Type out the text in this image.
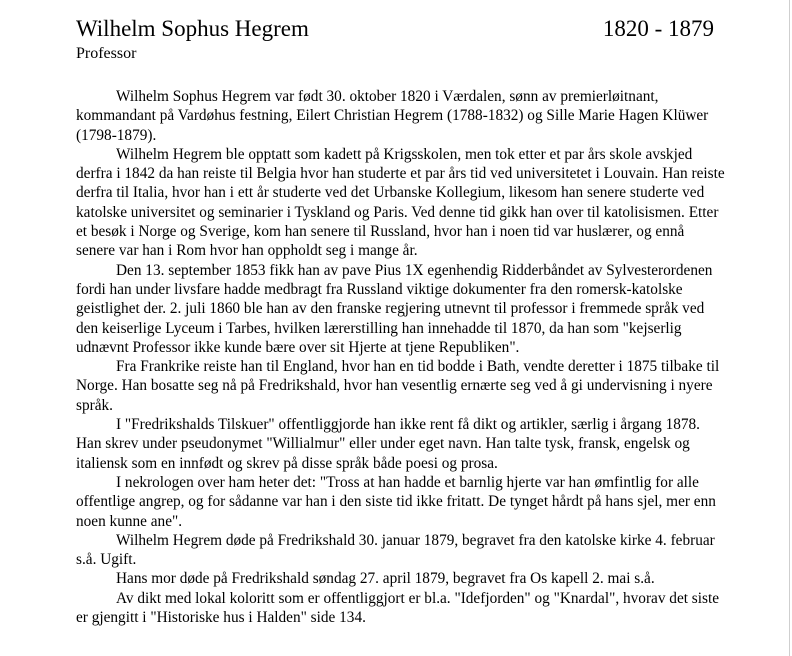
Wilhelm Sophus Hegrem	1820 - 1879
Professor

Wilhelm Sophus Hegrem var født 30. oktober 1820 i Værdalen, sønn av premierløitnant, kommandant på Vardøhus festning, Eilert Christian Hegrem (1788-1832) og Sille Marie Hagen Klüwer (1798-1879).

Wilhelm Hegrem ble opptatt som kadett på Krigsskolen, men tok etter et par års skole avskjed derfra i 1842 da han reiste til Belgia hvor han studerte et par års tid ved universitetet i Louvain. Han reiste derfra til Italia, hvor han i ett år studerte ved det Urbanske Kollegium, likesom han senere studerte ved katolske universitet og seminarier i Tyskland og Paris. Ved denne tid gikk han over til katolisismen. Etter et besøk i Norge og Sverige, kom han senere til Russland, hvor han i noen tid var huslærer, og ennå senere var han i Rom hvor han oppholdt seg i mange år.

Den 13. september 1853 fikk han av pave Pius 1X egenhendig Ridderbåndet av Sylvesterordenen fordi han under livsfare hadde medbragt fra Russland viktige dokumenter fra den romersk-katolske geistlighet der. 2. juli 1860 ble han av den franske regjering utnevnt til professor i fremmede språk ved den keiserlige Lyceum i Tarbes, hvilken lærerstilling han innehadde til 1870, da han som "kejserlig udnævnt Professor ikke kunde bære over sit Hjerte at tjene Republiken".

Fra Frankrike reiste han til England, hvor han en tid bodde i Bath, vendte deretter i 1875 tilbake til Norge. Han bosatte seg nå på Fredrikshald, hvor han vesentlig ernærte seg ved å gi undervisning i nyere språk.

I "Fredrikshalds Tilskuer" offentliggjorde han ikke rent få dikt og artikler, særlig i årgang 1878. Han skrev under pseudonymet "Willialmur" eller under eget navn. Han talte tysk, fransk, engelsk og italiensk som en innfødt og skrev på disse språk både poesi og prosa.

I nekrologen over ham heter det: "Tross at han hadde et barnlig hjerte var han ømfintlig for alle offentlige angrep, og for sådanne var han i den siste tid ikke fritatt. De tynget hårdt på hans sjel, mer enn noen kunne ane".

Wilhelm Hegrem døde på Fredrikshald 30. januar 1879, begravet fra den katolske kirke 4. februar s.å. Ugift.

Hans mor døde på Fredrikshald søndag 27. april 1879, begravet fra Os kapell 2. mai s.å.

Av dikt med lokal koloritt som er offentliggjort er bl.a. "Idefjorden" og "Knardal", hvorav det siste er gjengitt i "Historiske hus i Halden" side 134.
